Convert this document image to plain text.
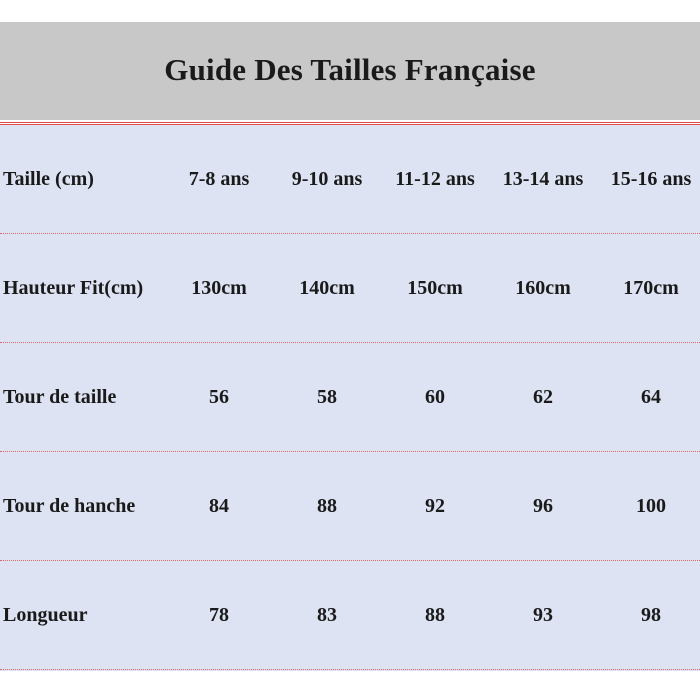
Guide Des Tailles Française
Taille (cm)	7-8 ans	9-10 ans	11-12 ans	13-14 ans	15-16 ans
Hauteur Fit(cm)	130cm	140cm	150cm	160cm	170cm
Tour de taille	56	58	60	62	64
Tour de hanche	84	88	92	96	100
Longueur	78	83	88	93	98
